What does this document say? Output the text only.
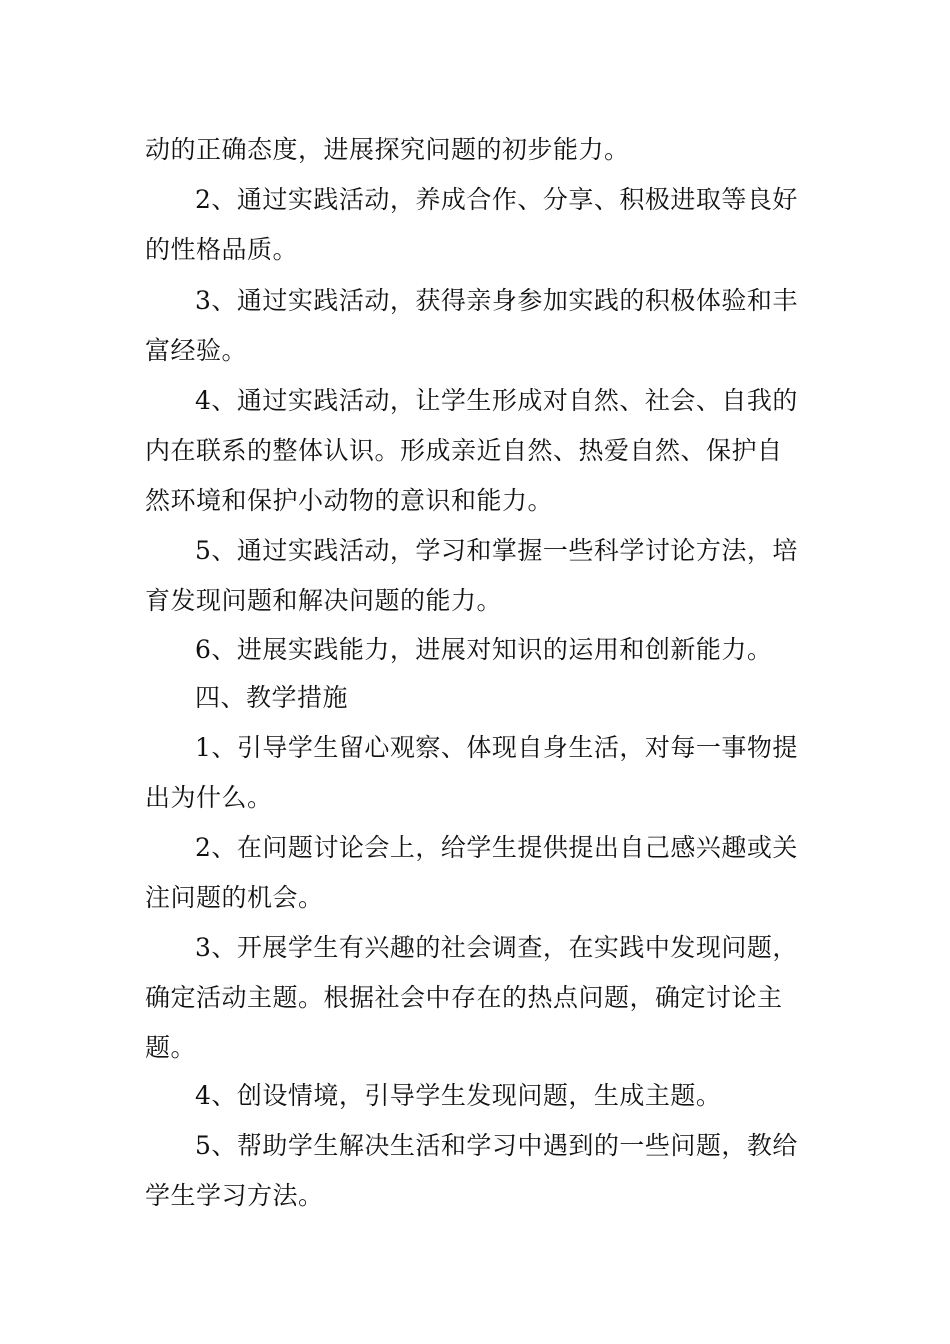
动的正确态度，进展探究问题的初步能力。
2、通过实践活动，养成合作、分享、积极进取等良好
的性格品质。
3、通过实践活动，获得亲身参加实践的积极体验和丰
富经验。
4、通过实践活动，让学生形成对自然、社会、自我的
内在联系的整体认识。形成亲近自然、热爱自然、保护自
然环境和保护小动物的意识和能力。
5、通过实践活动，学习和掌握一些科学讨论方法，培
育发现问题和解决问题的能力。
6、进展实践能力，进展对知识的运用和创新能力。
四、教学措施
1、引导学生留心观察、体现自身生活，对每一事物提
出为什么。
2、在问题讨论会上，给学生提供提出自己感兴趣或关
注问题的机会。
3、开展学生有兴趣的社会调查，在实践中发现问题，
确定活动主题。根据社会中存在的热点问题，确定讨论主
题。
4、创设情境，引导学生发现问题，生成主题。
5、帮助学生解决生活和学习中遇到的一些问题，教给
学生学习方法。
